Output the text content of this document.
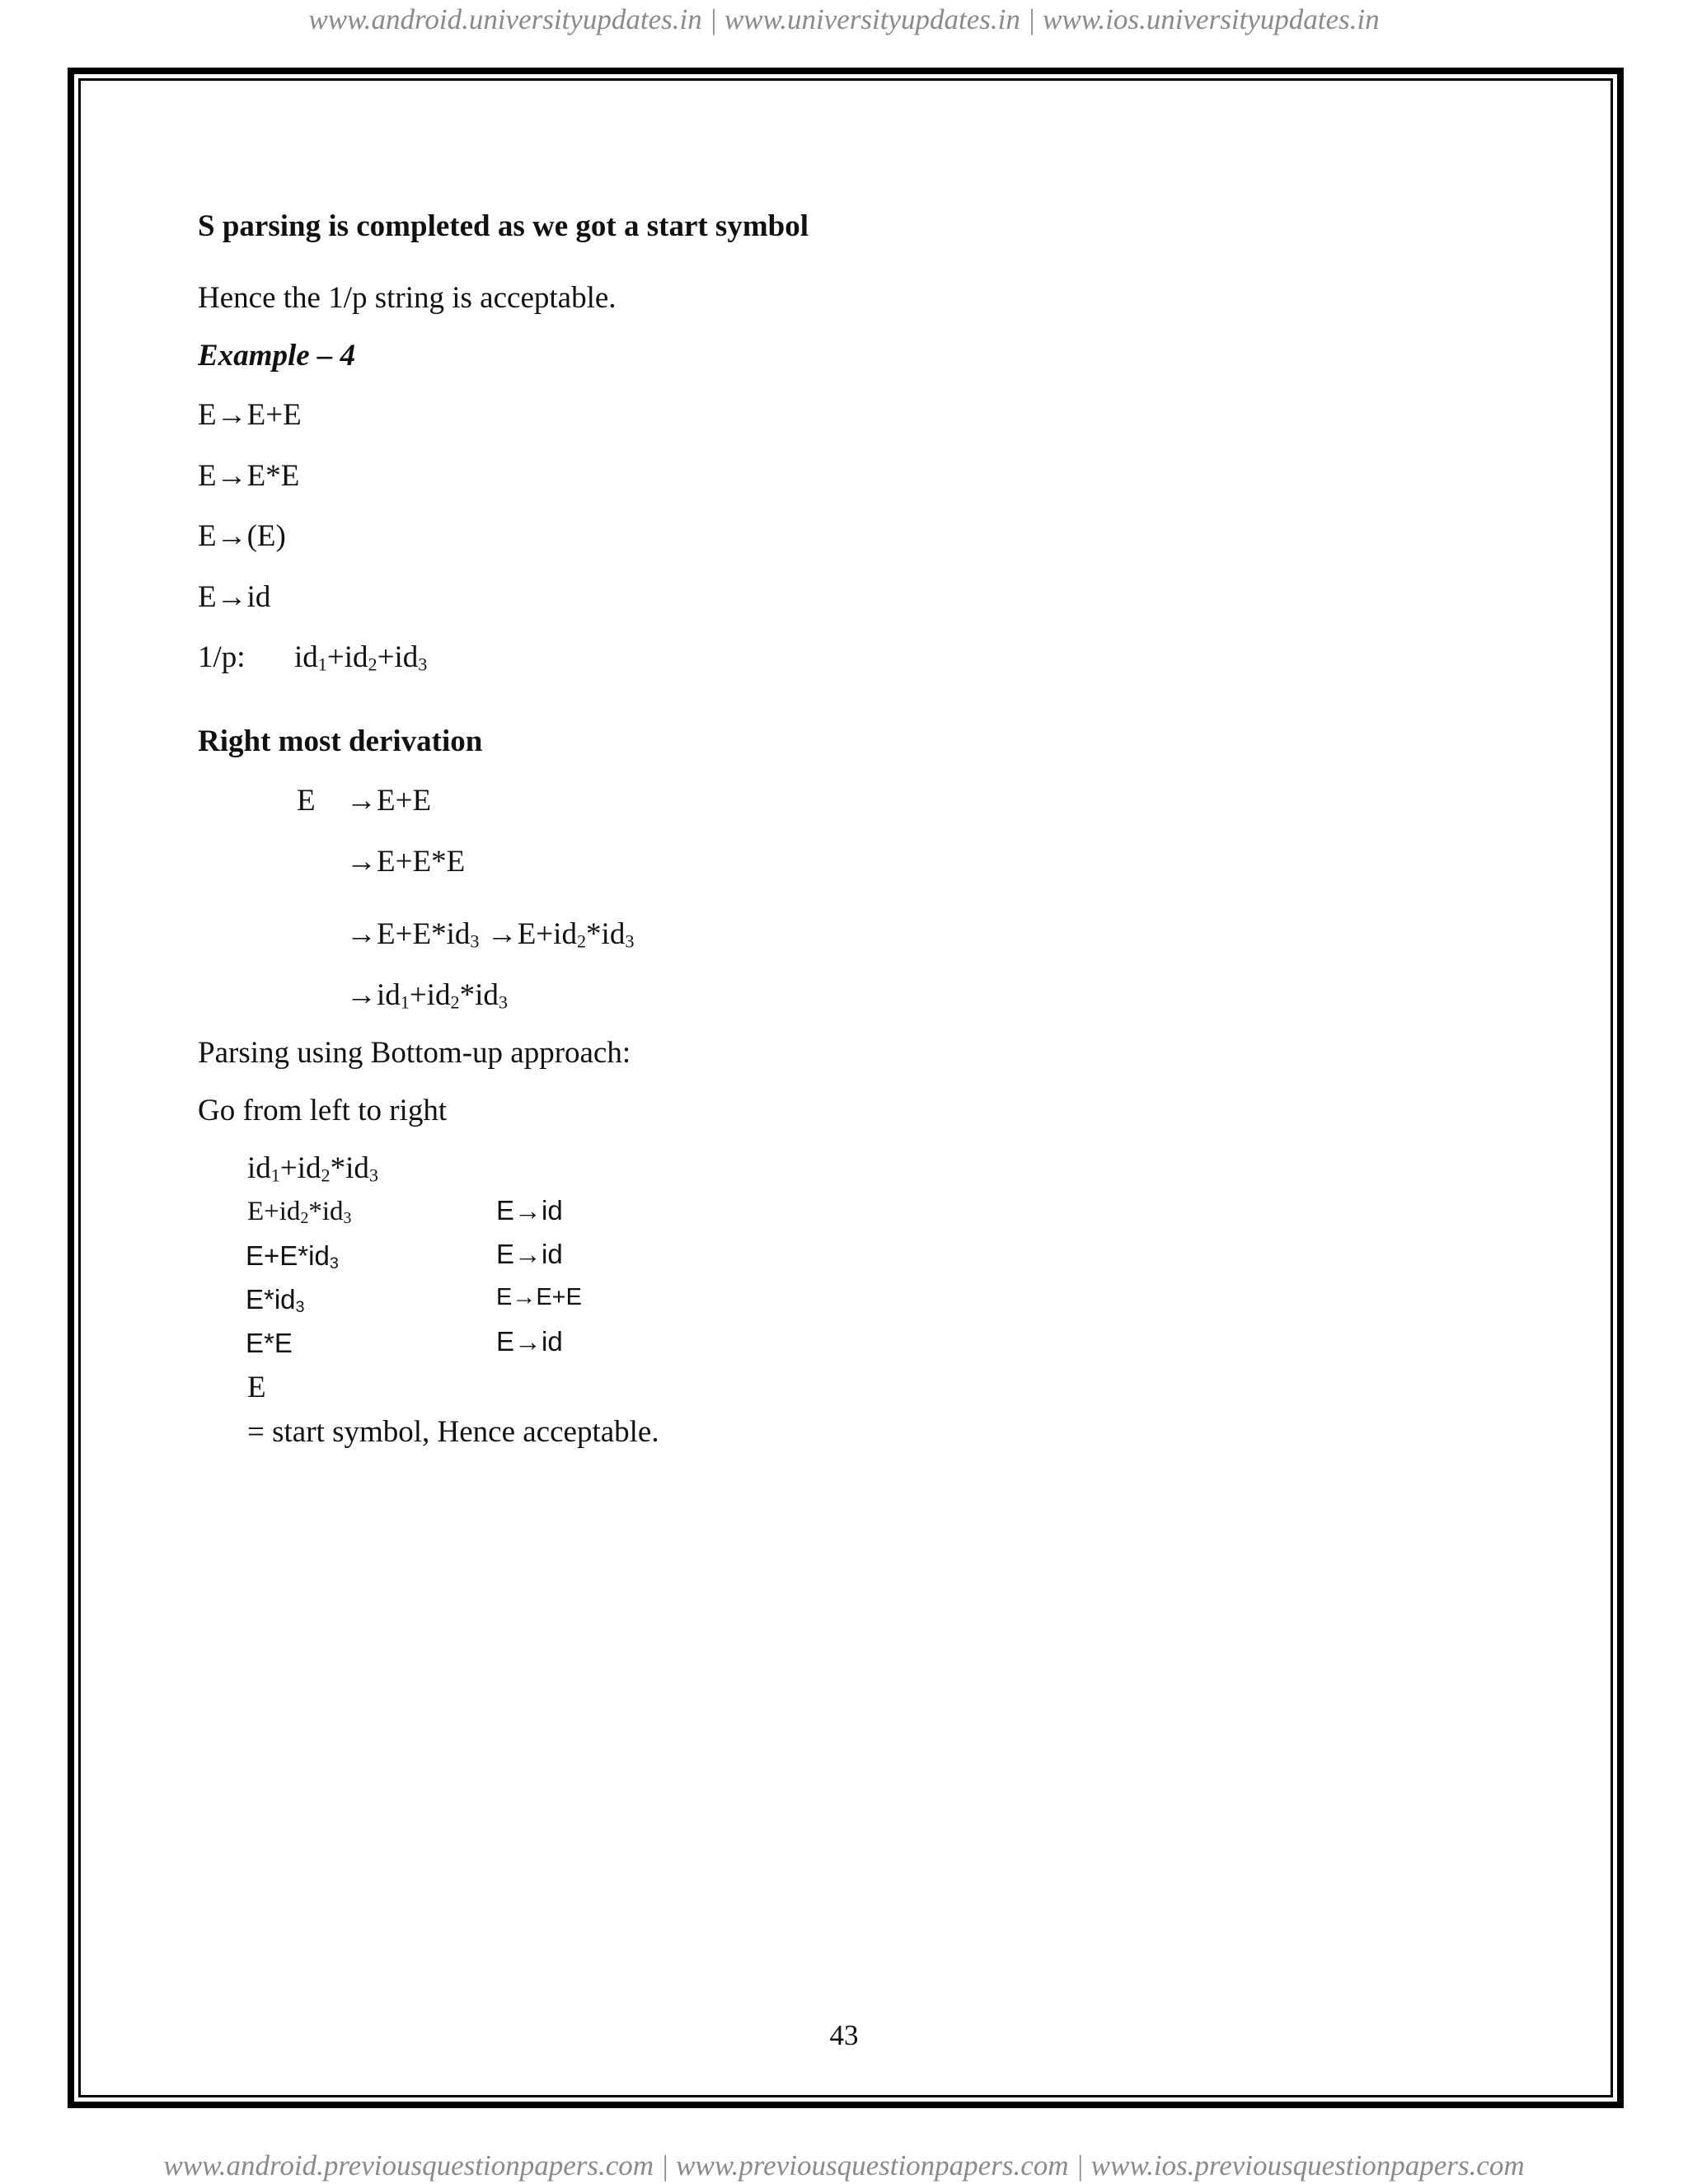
www.android.universityupdates.in | www.universityupdates.in | www.ios.universityupdates.in
S parsing is completed as we got a start symbol
Hence the 1/p string is acceptable.
Example – 4
E→E+E
E→E*E
E→(E)
E→id
1/p: $id_1+id_2+id_3$
Right most derivation
E →E+E
→E+E*E
$\to E+E*id_3 \to E+id_2*id_3$
$\to id_1+id_2*id_3$
Parsing using Bottom-up approach:
Go from left to right
$id_1+id_2*id_3$
$E+id_2*id_3$	E→id
$E+E*id_3$	E→id
$E*id_3$	E→E+E
E*E	E→id
E
= start symbol, Hence acceptable.
43
www.android.previousquestionpapers.com | www.previousquestionpapers.com | www.ios.previousquestionpapers.com
